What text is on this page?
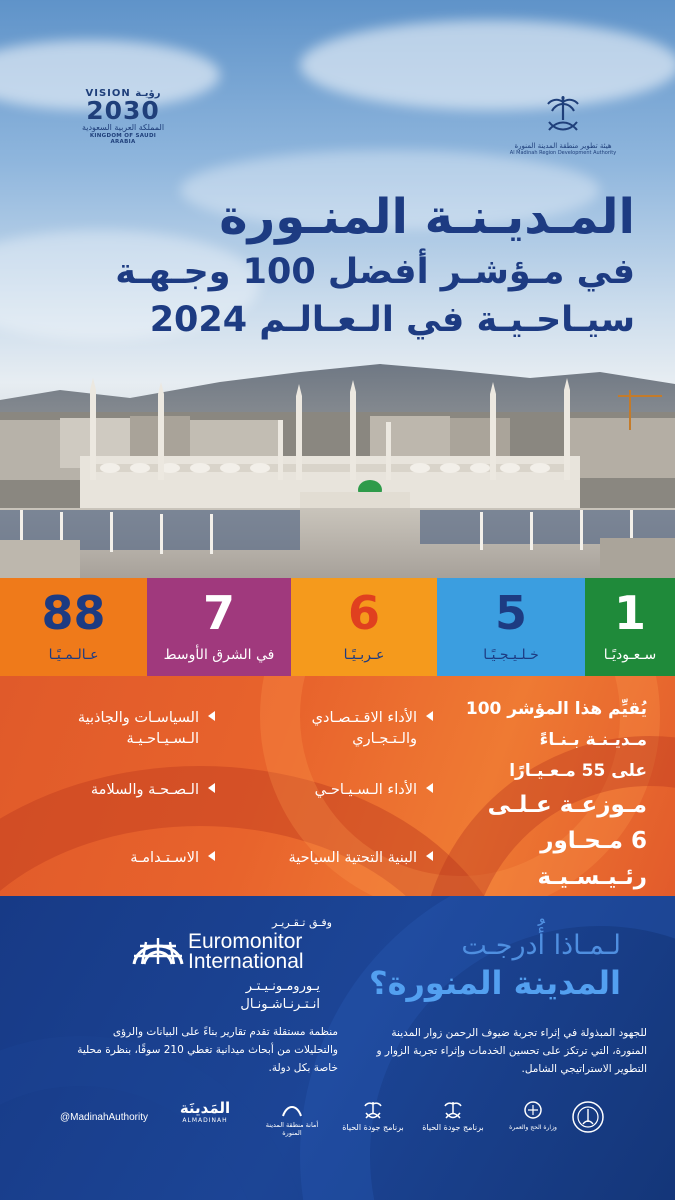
VISION رؤيـة
2030
المملكة العربية السعودية
KINGDOM OF SAUDI ARABIA	هيئة تطوير منطقة المدينة المنورة
Al Madinah Region Development Authority
المـديـنـة المنـورة
في مـؤشـر أفضل 100 وجـهـة
سيـاحـيـة في الـعـالـم 2024
88
عـالـمـيًـا
7
في الشرق الأوسط
6
عـربـيًـا
5
خـلـيـجـيًـا
1
سـعـوديًـا
يُقيِّم هذا المؤشر 100
مـديـنـة بـنـاءً
على 55 مـعـيـارًا
مـوزعـة عـلـى
6 مـحـاور
رئـيـسـيـة
الأداء الاقـتـصـادي
والـتـجـاري
السياسـات والجاذبية
الـسـيـاحـيـة
الأداء الـسـيـاحـي
الـصـحـة والسلامة
البنية التحتية السياحية
الاسـتـدامـة
لـمـاذا أُدرجـت
المدينة المنورة؟
للجهود المبذولة في إثراء تجربة ضيوف الرحمن زوار المدينة المنورة، التي ترتكز على تحسين الخدمات وإثراء تجربة الزوار و التطوير الاستراتيجي الشامل.
وفـق تـقـريـر
Euromonitor
International
يـورومـونـيـتـر
انـتـرنـاشـونـال
منظمة مستقلة تقدم تقارير بناءً على البيانات والرؤى والتحليلات من أبحاث ميدانية تغطي 210 سوقًا، بنظرة محلية خاصة بكل دولة.
@MadinahAuthority
المَدينَة
ALMADINAH
أمانة منطقة المدينة المنورة
برنامج جودة الحياة	برنامج جودة الحياة	وزارة الحج والعمرة
